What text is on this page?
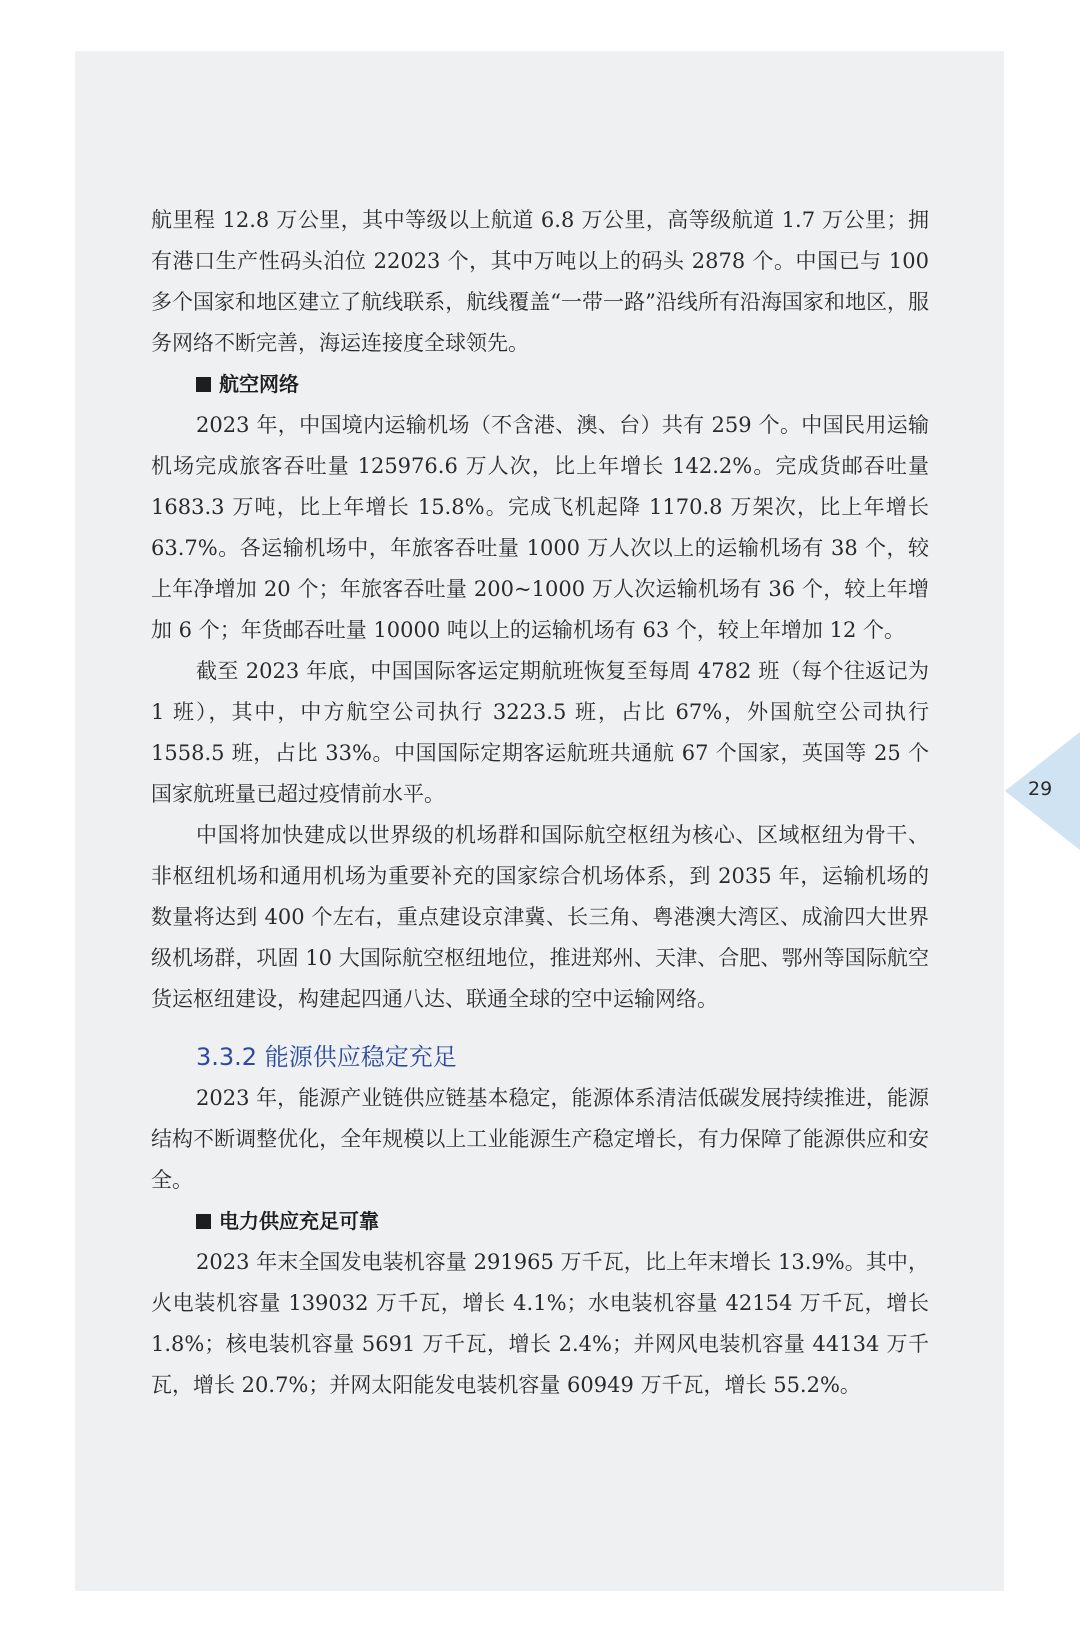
航里程 12.8 万公里，其中等级以上航道 6.8 万公里，高等级航道 1.7 万公里；拥有港口生产性码头泊位 22023 个，其中万吨以上的码头 2878 个。中国已与 100 多个国家和地区建立了航线联系，航线覆盖“一带一路”沿线所有沿海国家和地区，服务网络不断完善，海运连接度全球领先。

航空网络

2023 年，中国境内运输机场（不含港、澳、台）共有 259 个。中国民用运输机场完成旅客吞吐量 125976.6 万人次，比上年增长 142.2%。完成货邮吞吐量 1683.3 万吨，比上年增长 15.8%。完成飞机起降 1170.8 万架次，比上年增长 63.7%。各运输机场中，年旅客吞吐量 1000 万人次以上的运输机场有 38 个，较上年净增加 20 个；年旅客吞吐量 200~1000 万人次运输机场有 36 个，较上年增加 6 个；年货邮吞吐量 10000 吨以上的运输机场有 63 个，较上年增加 12 个。

截至 2023 年底，中国国际客运定期航班恢复至每周 4782 班（每个往返记为 1 班），其中，中方航空公司执行 3223.5 班，占比 67%，外国航空公司执行 1558.5 班，占比 33%。中国国际定期客运航班共通航 67 个国家，英国等 25 个国家航班量已超过疫情前水平。

中国将加快建成以世界级的机场群和国际航空枢纽为核心、区域枢纽为骨干、非枢纽机场和通用机场为重要补充的国家综合机场体系，到 2035 年，运输机场的数量将达到 400 个左右，重点建设京津冀、长三角、粤港澳大湾区、成渝四大世界级机场群，巩固 10 大国际航空枢纽地位，推进郑州、天津、合肥、鄂州等国际航空货运枢纽建设，构建起四通八达、联通全球的空中运输网络。

3.3.2 能源供应稳定充足

2023 年，能源产业链供应链基本稳定，能源体系清洁低碳发展持续推进，能源结构不断调整优化，全年规模以上工业能源生产稳定增长，有力保障了能源供应和安全。

电力供应充足可靠

2023 年末全国发电装机容量 291965 万千瓦，比上年末增长 13.9%。其中，火电装机容量 139032 万千瓦，增长 4.1%；水电装机容量 42154 万千瓦，增长 1.8%；核电装机容量 5691 万千瓦，增长 2.4%；并网风电装机容量 44134 万千瓦，增长 20.7%；并网太阳能发电装机容量 60949 万千瓦，增长 55.2%。

29
